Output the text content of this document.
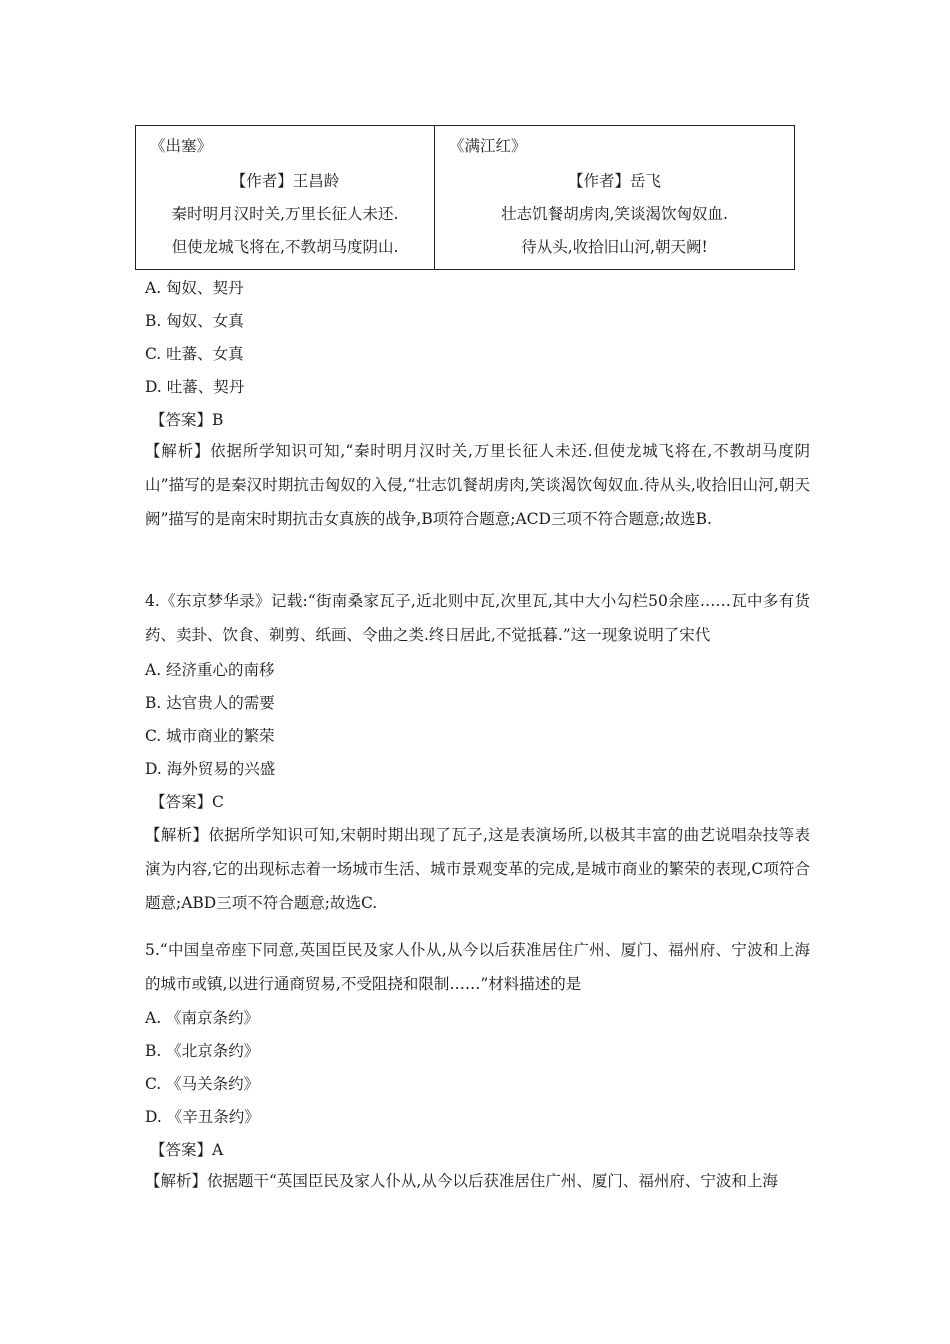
《出塞》
【作者】王昌龄
秦时明月汉时关,万里长征人未还.
但使龙城飞将在,不教胡马度阴山.
《满江红》
【作者】岳飞
壮志饥餐胡虏肉,笑谈渴饮匈奴血.
待从头,收拾旧山河,朝天阙!
A. 匈奴、契丹
B. 匈奴、女真
C. 吐蕃、女真
D. 吐蕃、契丹
【答案】B
【解析】依据所学知识可知,“秦时明月汉时关,万里长征人未还.但使龙城飞将在,不教胡马度阴山”描写的是秦汉时期抗击匈奴的入侵,“壮志饥餐胡虏肉,笑谈渴饮匈奴血.待从头,收拾旧山河,朝天阙”描写的是南宋时期抗击女真族的战争,B项符合题意;ACD三项不符合题意;故选B.
4.《东京梦华录》记载:“街南桑家瓦子,近北则中瓦,次里瓦,其中大小勾栏50余座……瓦中多有货药、卖卦、饮食、剃剪、纸画、令曲之类.终日居此,不觉抵暮.”这一现象说明了宋代
A. 经济重心的南移
B. 达官贵人的需要
C. 城市商业的繁荣
D. 海外贸易的兴盛
【答案】C
【解析】依据所学知识可知,宋朝时期出现了瓦子,这是表演场所,以极其丰富的曲艺说唱杂技等表演为内容,它的出现标志着一场城市生活、城市景观变革的完成,是城市商业的繁荣的表现,C项符合题意;ABD三项不符合题意;故选C.
5.“中国皇帝座下同意,英国臣民及家人仆从,从今以后获准居住广州、厦门、福州府、宁波和上海的城市或镇,以进行通商贸易,不受阻挠和限制……”材料描述的是
A. 《南京条约》
B. 《北京条约》
C. 《马关条约》
D. 《辛丑条约》
【答案】A
【解析】依据题干“英国臣民及家人仆从,从今以后获准居住广州、厦门、福州府、宁波和上海
